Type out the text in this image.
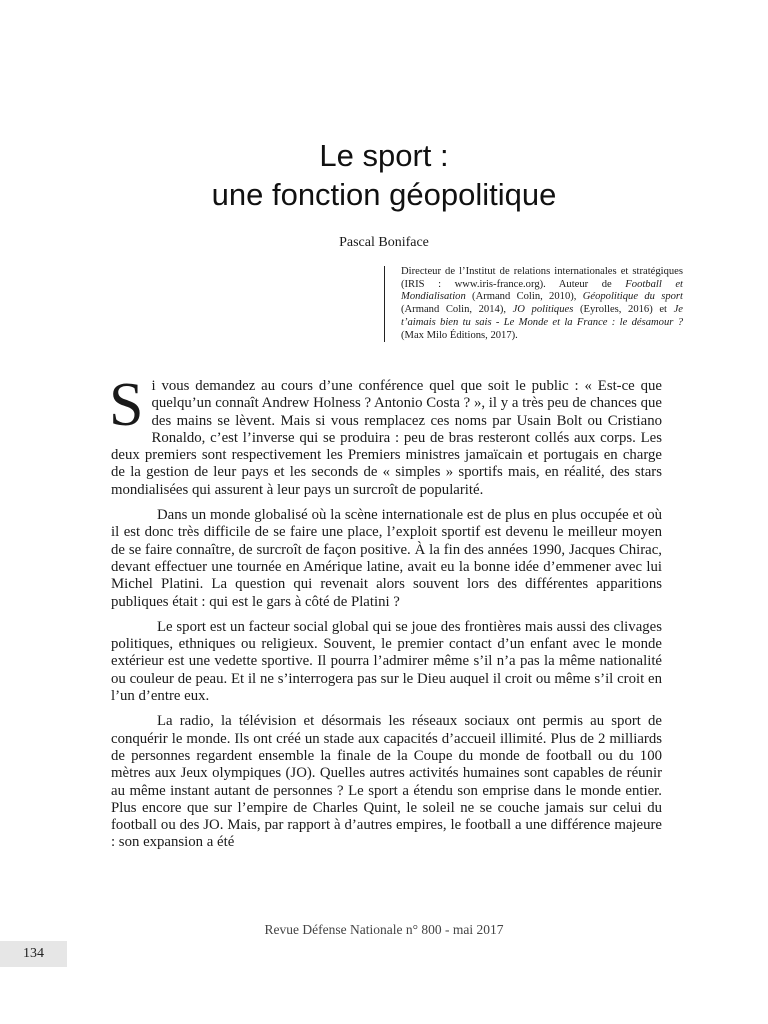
Le sport :
une fonction géopolitique
Pascal Boniface
Directeur de l’Institut de relations internationales et stratégiques (IRIS : www.iris-france.org). Auteur de Football et Mondialisation (Armand Colin, 2010), Géopolitique du sport (Armand Colin, 2014), JO politiques (Eyrolles, 2016) et Je t’aimais bien tu sais - Le Monde et la France : le désamour ? (Max Milo Éditions, 2017).

Si vous demandez au cours d’une conférence quel que soit le public : « Est-ce que quelqu’un connaît Andrew Holness ? Antonio Costa ? », il y a très peu de chances que des mains se lèvent. Mais si vous remplacez ces noms par Usain Bolt ou Cristiano Ronaldo, c’est l’inverse qui se produira : peu de bras resteront collés aux corps. Les deux premiers sont respectivement les Premiers ministres jamaïcain et portugais en charge de la gestion de leur pays et les seconds de « simples » sportifs mais, en réalité, des stars mondialisées qui assurent à leur pays un surcroît de popularité.

Dans un monde globalisé où la scène internationale est de plus en plus occupée et où il est donc très difficile de se faire une place, l’exploit sportif est devenu le meilleur moyen de se faire connaître, de surcroît de façon positive. À la fin des années 1990, Jacques Chirac, devant effectuer une tournée en Amérique latine, avait eu la bonne idée d’emmener avec lui Michel Platini. La question qui revenait alors souvent lors des différentes apparitions publiques était : qui est le gars à côté de Platini ?

Le sport est un facteur social global qui se joue des frontières mais aussi des clivages politiques, ethniques ou religieux. Souvent, le premier contact d’un enfant avec le monde extérieur est une vedette sportive. Il pourra l’admirer même s’il n’a pas la même nationalité ou couleur de peau. Et il ne s’interrogera pas sur le Dieu auquel il croit ou même s’il croit en l’un d’entre eux.

La radio, la télévision et désormais les réseaux sociaux ont permis au sport de conquérir le monde. Ils ont créé un stade aux capacités d’accueil illimité. Plus de 2 milliards de personnes regardent ensemble la finale de la Coupe du monde de football ou du 100 mètres aux Jeux olympiques (JO). Quelles autres activités humaines sont capables de réunir au même instant autant de personnes ? Le sport a étendu son emprise dans le monde entier. Plus encore que sur l’empire de Charles Quint, le soleil ne se couche jamais sur celui du football ou des JO. Mais, par rapport à d’autres empires, le football a une différence majeure : son expansion a été

Revue Défense Nationale n° 800 - mai 2017
134
